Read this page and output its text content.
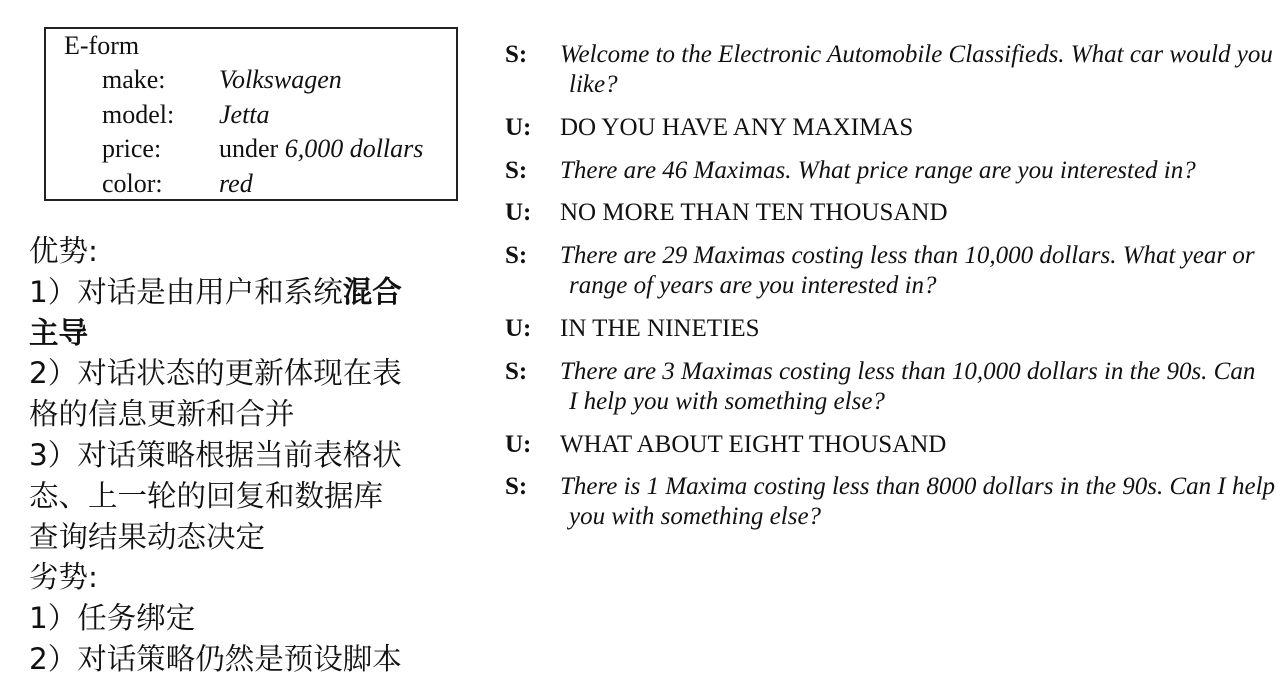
E-form
make: Volkswagen
model: Jetta
price: under 6,000 dollars
color: red
优势:
1）对话是由用户和系统混合
主导
2）对话状态的更新体现在表
格的信息更新和合并
3）对话策略根据当前表格状
态、上一轮的回复和数据库
查询结果动态决定
劣势:
1）任务绑定
2）对话策略仍然是预设脚本
S: Welcome to the Electronic Automobile Classifieds. What car would you
like?
U: DO YOU HAVE ANY MAXIMAS
S: There are 46 Maximas. What price range are you interested in?
U: NO MORE THAN TEN THOUSAND
S: There are 29 Maximas costing less than 10,000 dollars. What year or
range of years are you interested in?
U: IN THE NINETIES
S: There are 3 Maximas costing less than 10,000 dollars in the 90s. Can
I help you with something else?
U: WHAT ABOUT EIGHT THOUSAND
S: There is 1 Maxima costing less than 8000 dollars in the 90s. Can I help
you with something else?
